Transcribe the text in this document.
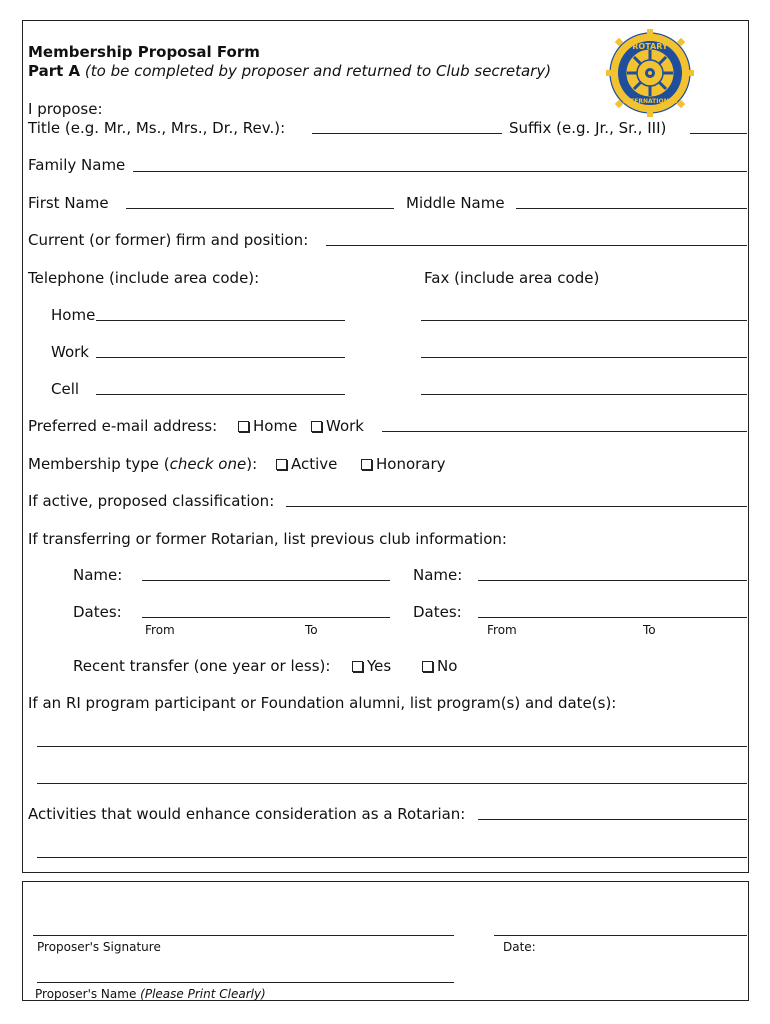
ROTARY
INTERNATIONAL
Membership Proposal Form
Part A (to be completed by proposer and returned to Club secretary)
I propose:
Title (e.g. Mr., Ms., Mrs., Dr., Rev.):	Suffix (e.g. Jr., Sr., III)
Family Name
First Name	Middle Name
Current (or former) firm and position:
Telephone (include area code):	Fax (include area code)
Home
Work
Cell
Preferred e-mail address:	Home	Work
Membership type (check one):	Active	Honorary
If active, proposed classification:
If transferring or former Rotarian, list previous club information:
Name:	Name:
Dates:	Dates:
From	To	From	To
Recent transfer (one year or less):	Yes	No
If an RI program participant or Foundation alumni, list program(s) and date(s):
Activities that would enhance consideration as a Rotarian:
Proposer's Signature	Date:
Proposer's Name (Please Print Clearly)
